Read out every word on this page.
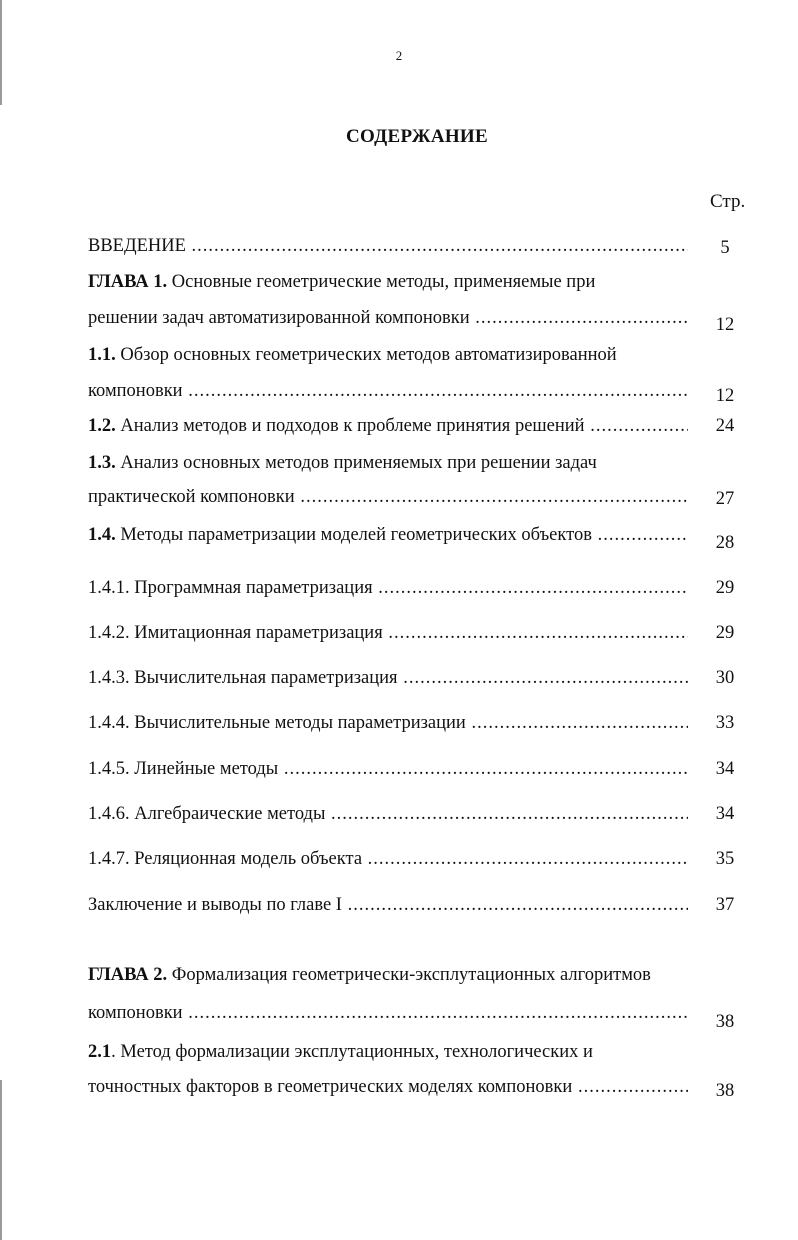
2
СОДЕРЖАНИЕ
Стр.
ВВЕДЕНИЕ .....	5
ГЛАВА 1. Основные геометрические методы, применяемые при
решении задач автоматизированной компоновки .....	12
1.1. Обзор основных геометрических методов автоматизированной
компоновки .....	12
1.2. Анализ методов и подходов к проблеме принятия решений .....	24
1.3. Анализ основных методов применяемых при решении задач
практической компоновки .....	27
1.4. Методы параметризации моделей геометрических объектов .....	28
1.4.1. Программная параметризация .....	29
1.4.2. Имитационная параметризация .....	29
1.4.3. Вычислительная параметризация .....	30
1.4.4. Вычислительные методы параметризации .....	33
1.4.5. Линейные методы .....	34
1.4.6. Алгебраические методы .....	34
1.4.7. Реляционная модель объекта .....	35
Заключение и выводы по главе I .....	37
ГЛАВА 2. Формализация геометрически-эксплутационных алгоритмов
компоновки .....	38
2.1. Метод формализации эксплутационных, технологических и
точностных факторов в геометрических моделях компоновки .....	38
